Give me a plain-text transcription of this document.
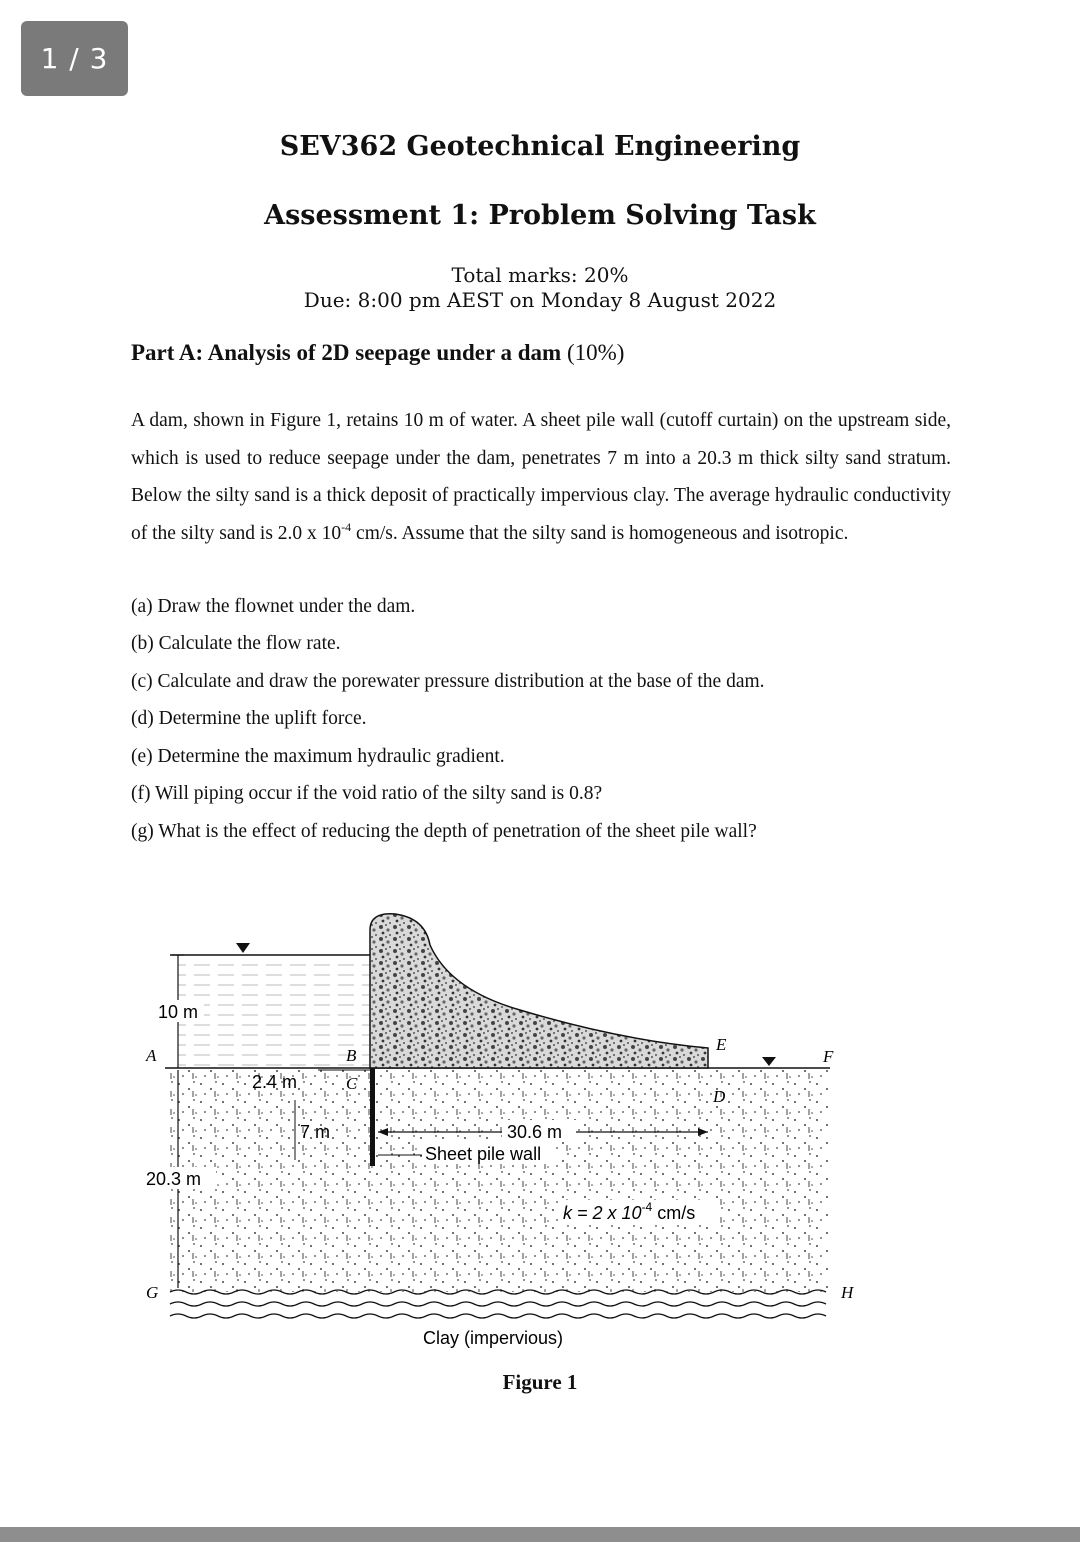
1 / 3
SEV362 Geotechnical Engineering
Assessment 1: Problem Solving Task
Total marks: 20%
Due: 8:00 pm AEST on Monday 8 August 2022
Part A: Analysis of 2D seepage under a dam (10%)
A dam, shown in Figure 1, retains 10 m of water. A sheet pile wall (cutoff curtain) on the upstream side, which is used to reduce seepage under the dam, penetrates 7 m into a 20.3 m thick silty sand stratum. Below the silty sand is a thick deposit of practically impervious clay. The average hydraulic conductivity of the silty sand is 2.0 x $10^{-4}$ cm/s. Assume that the silty sand is homogeneous and isotropic.
(a) Draw the flownet under the dam.
(b) Calculate the flow rate.
(c) Calculate and draw the porewater pressure distribution at the base of the dam.
(d) Determine the uplift force.
(e) Determine the maximum hydraulic gradient.
(f) Will piping occur if the void ratio of the silty sand is 0.8?
(g) What is the effect of reducing the depth of penetration of the sheet pile wall?
10 m
20.3 m
2.4 m
7 m	30.6 m
Sheet pile wall
k = 2 x $10^{-4}$ cm/s
Clay (impervious)
A	B
C
D
E
F
G	H
Figure 1
